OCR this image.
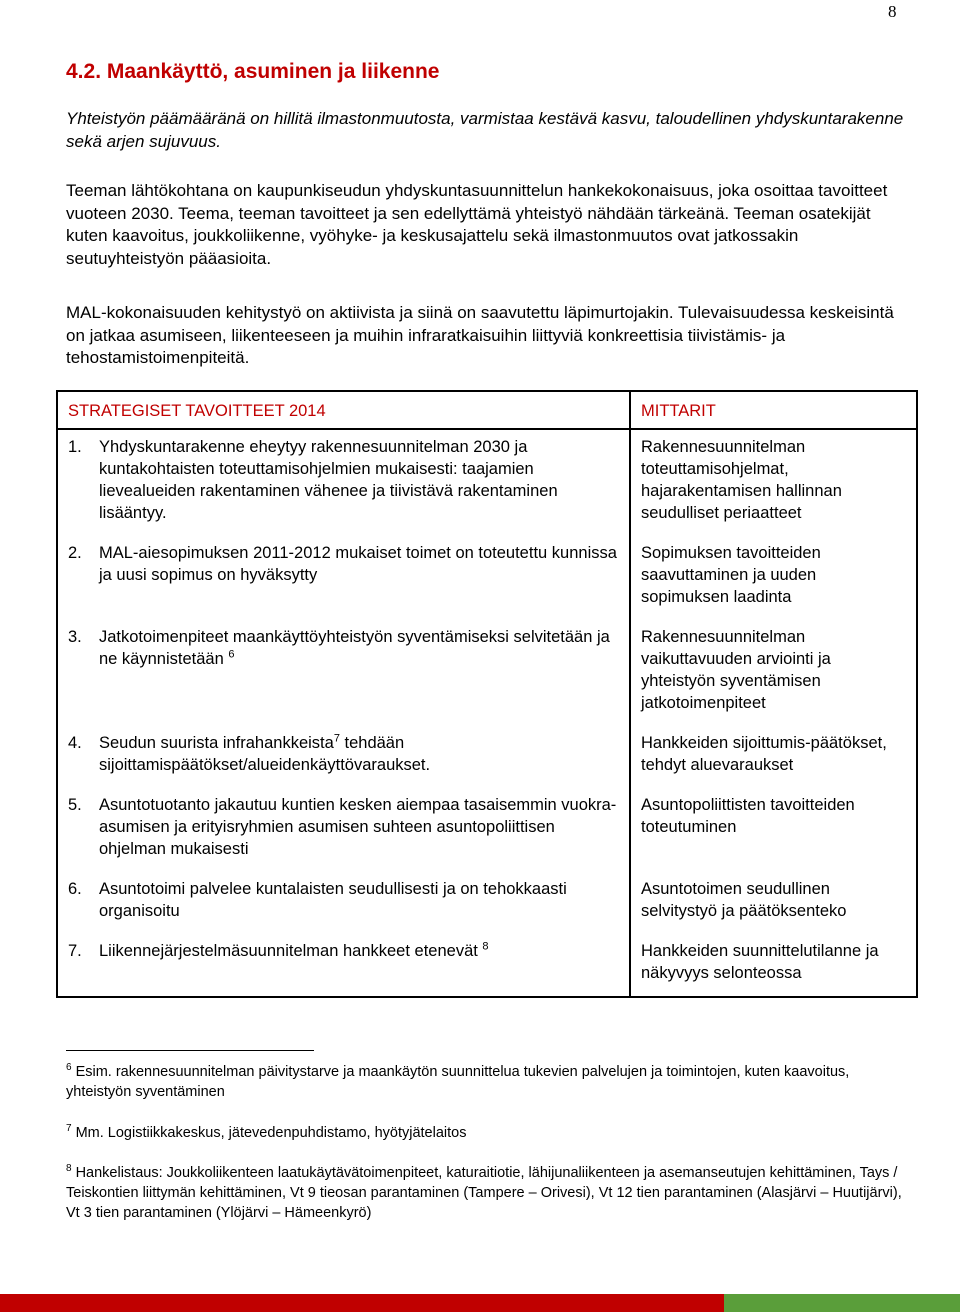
8
4.2. Maankäyttö, asuminen ja liikenne

Yhteistyön päämääränä on hillitä ilmastonmuutosta, varmistaa kestävä kasvu, taloudellinen yhdyskuntarakenne sekä arjen sujuvuus.

Teeman lähtökohtana on kaupunkiseudun yhdyskuntasuunnittelun hankekokonaisuus, joka osoittaa tavoitteet vuoteen 2030. Teema, teeman tavoitteet ja sen edellyttämä yhteistyö nähdään tärkeänä. Teeman osatekijät kuten kaavoitus, joukkoliikenne, vyöhyke- ja keskusajattelu sekä ilmastonmuutos ovat jatkossakin seutuyhteistyön pääasioita.

MAL-kokonaisuuden kehitystyö on aktiivista ja siinä on saavutettu läpimurtojakin. Tulevaisuudessa keskeisintä on jatkaa asumiseen, liikenteeseen ja muihin infraratkaisuihin liittyviä konkreettisia tiivistämis- ja tehostamistoimenpiteitä.

STRATEGISET TAVOITTEET 2014	MITTARIT

1. Yhdyskuntarakenne eheytyy rakennesuunnitelman 2030 ja kuntakohtaisten toteuttamisohjelmien mukaisesti: taajamien lievealueiden rakentaminen vähenee ja tiivistävä rakentaminen lisääntyy.	Rakennesuunnitelman toteuttamisohjelmat, hajarakentamisen hallinnan seudulliset periaatteet

2. MAL-aiesopimuksen 2011-2012 mukaiset toimet on toteutettu kunnissa ja uusi sopimus on hyväksytty	Sopimuksen tavoitteiden saavuttaminen ja uuden sopimuksen laadinta

3. Jatkotoimenpiteet maankäyttöyhteistyön syventämiseksi selvitetään ja ne käynnistetään $^6$	Rakennesuunnitelman vaikuttavuuden arviointi ja yhteistyön syventämisen jatkotoimenpiteet

4. Seudun suurista infrahankkeista$^7$ tehdään sijoittamispäätökset/alueidenkäyttövaraukset.	Hankkeiden sijoittumis-päätökset, tehdyt aluevaraukset

5. Asuntotuotanto jakautuu kuntien kesken aiempaa tasaisemmin vuokra-asumisen ja erityisryhmien asumisen suhteen asuntopoliittisen ohjelman mukaisesti	Asuntopoliittisten tavoitteiden toteutuminen

6. Asuntotoimi palvelee kuntalaisten seudullisesti ja on tehokkaasti organisoitu	Asuntotoimen seudullinen selvitystyö ja päätöksenteko

7. Liikennejärjestelmäsuunnitelman hankkeet etenevät $^8$	Hankkeiden suunnittelutilanne ja näkyvyys selonteossa

$^6$ Esim. rakennesuunnitelman päivitystarve ja maankäytön suunnittelua tukevien palvelujen ja toimintojen, kuten kaavoitus, yhteistyön syventäminen

$^7$ Mm. Logistiikkakeskus, jätevedenpuhdistamo, hyötyjätelaitos

$^8$ Hankelistaus: Joukkoliikenteen laatukäytävätoimenpiteet, katuraitiotie, lähijunaliikenteen ja asemanseutujen kehittäminen, Tays / Teiskontien liittymän kehittäminen, Vt 9 tieosan parantaminen (Tampere – Orivesi), Vt 12 tien parantaminen (Alasjärvi – Huutijärvi), Vt 3 tien parantaminen (Ylöjärvi – Hämeenkyrö)
